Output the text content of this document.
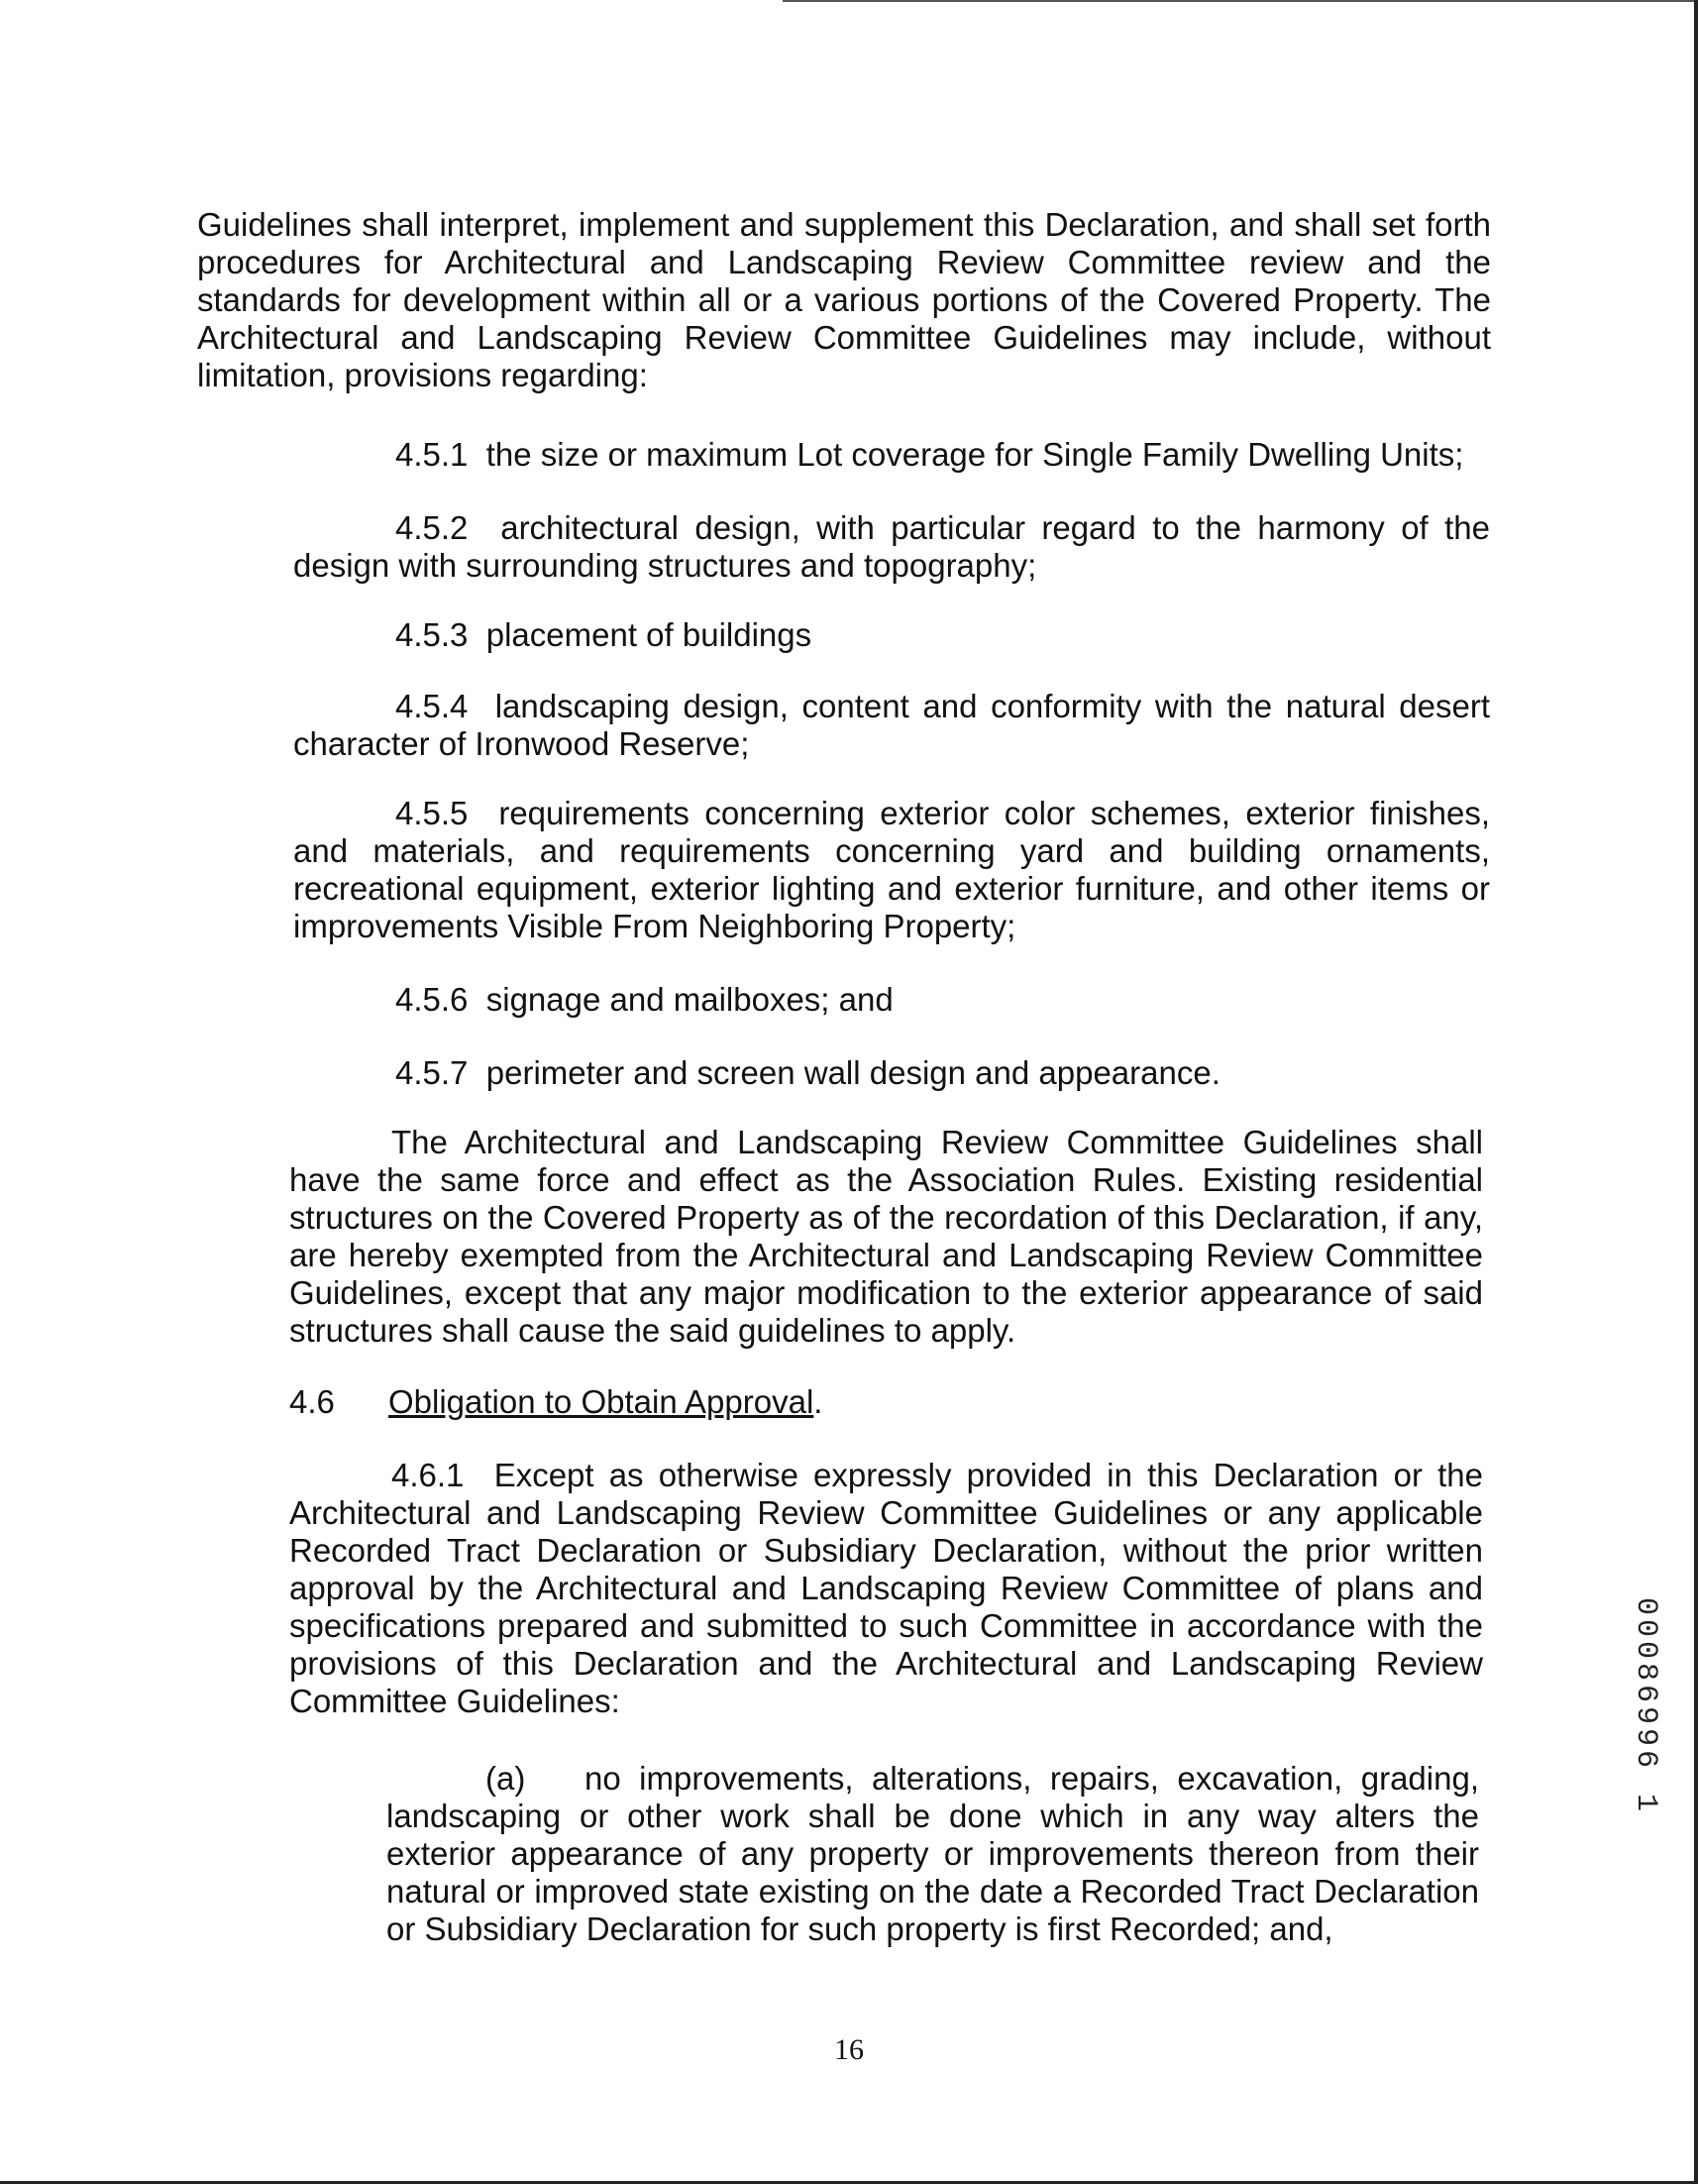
Guidelines shall interpret, implement and supplement this Declaration, and shall set forth procedures for Architectural and Landscaping Review Committee review and the standards for development within all or a various portions of the Covered Property. The Architectural and Landscaping Review Committee Guidelines may include, without limitation, provisions regarding:

4.5.1 the size or maximum Lot coverage for Single Family Dwelling Units;

4.5.2 architectural design, with particular regard to the harmony of the design with surrounding structures and topography;

4.5.3 placement of buildings

4.5.4 landscaping design, content and conformity with the natural desert character of Ironwood Reserve;

4.5.5 requirements concerning exterior color schemes, exterior finishes, and materials, and requirements concerning yard and building ornaments, recreational equipment, exterior lighting and exterior furniture, and other items or improvements Visible From Neighboring Property;

4.5.6 signage and mailboxes; and

4.5.7 perimeter and screen wall design and appearance.

The Architectural and Landscaping Review Committee Guidelines shall have the same force and effect as the Association Rules. Existing residential structures on the Covered Property as of the recordation of this Declaration, if any, are hereby exempted from the Architectural and Landscaping Review Committee Guidelines, except that any major modification to the exterior appearance of said structures shall cause the said guidelines to apply.

4.6 Obligation to Obtain Approval.

4.6.1 Except as otherwise expressly provided in this Declaration or the Architectural and Landscaping Review Committee Guidelines or any applicable Recorded Tract Declaration or Subsidiary Declaration, without the prior written approval by the Architectural and Landscaping Review Committee of plans and specifications prepared and submitted to such Committee in accordance with the provisions of this Declaration and the Architectural and Landscaping Review Committee Guidelines:

(a) no improvements, alterations, repairs, excavation, grading, landscaping or other work shall be done which in any way alters the exterior appearance of any property or improvements thereon from their natural or improved state existing on the date a Recorded Tract Declaration or Subsidiary Declaration for such property is first Recorded; and,

16
00086996 1
